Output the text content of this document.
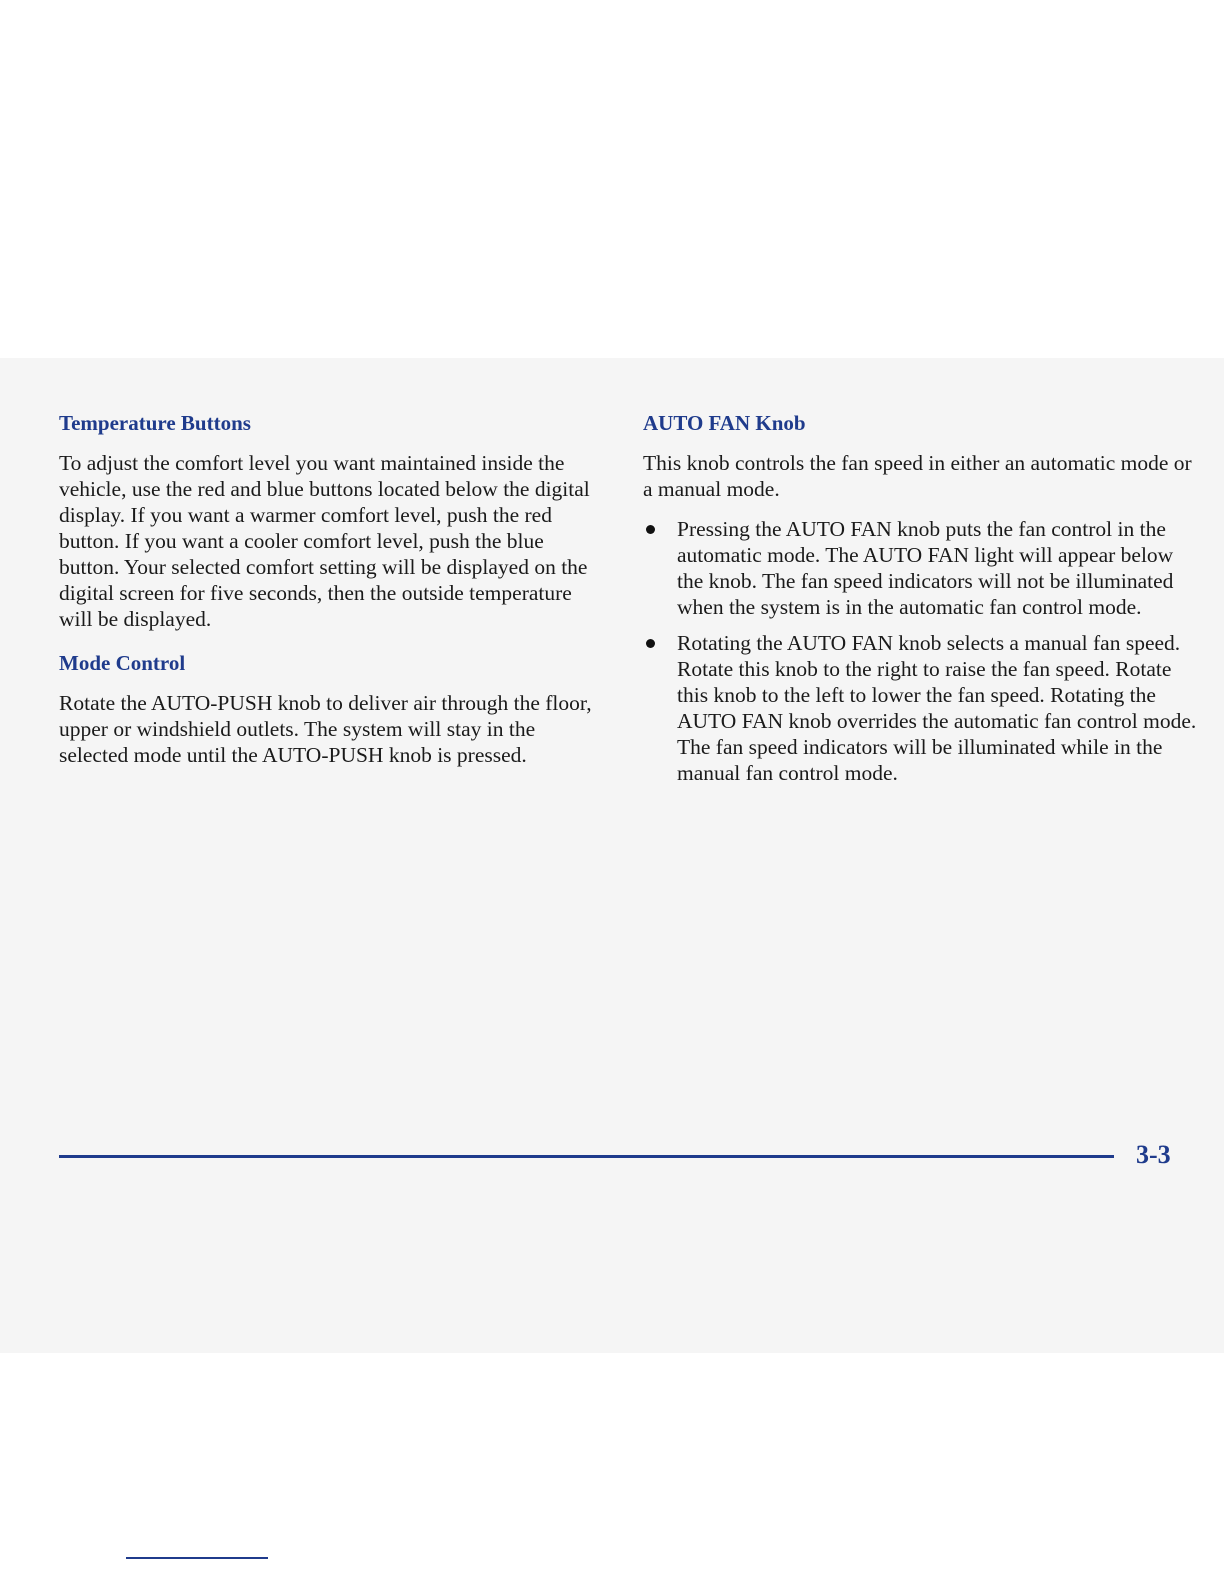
Temperature Buttons

To adjust the comfort level you want maintained inside the vehicle, use the red and blue buttons located below the digital display. If you want a warmer comfort level, push the red button. If you want a cooler comfort level, push the blue button. Your selected comfort setting will be displayed on the digital screen for five seconds, then the outside temperature will be displayed.

Mode Control

Rotate the AUTO-PUSH knob to deliver air through the floor, upper or windshield outlets. The system will stay in the selected mode until the AUTO-PUSH knob is pressed.

AUTO FAN Knob

This knob controls the fan speed in either an automatic mode or a manual mode.

Pressing the AUTO FAN knob puts the fan control in the automatic mode. The AUTO FAN light will appear below the knob. The fan speed indicators will not be illuminated when the system is in the automatic fan control mode.
Rotating the AUTO FAN knob selects a manual fan speed. Rotate this knob to the right to raise the fan speed. Rotate this knob to the left to lower the fan speed. Rotating the AUTO FAN knob overrides the automatic fan control mode. The fan speed indicators will be illuminated while in the manual fan control mode.
3-3
